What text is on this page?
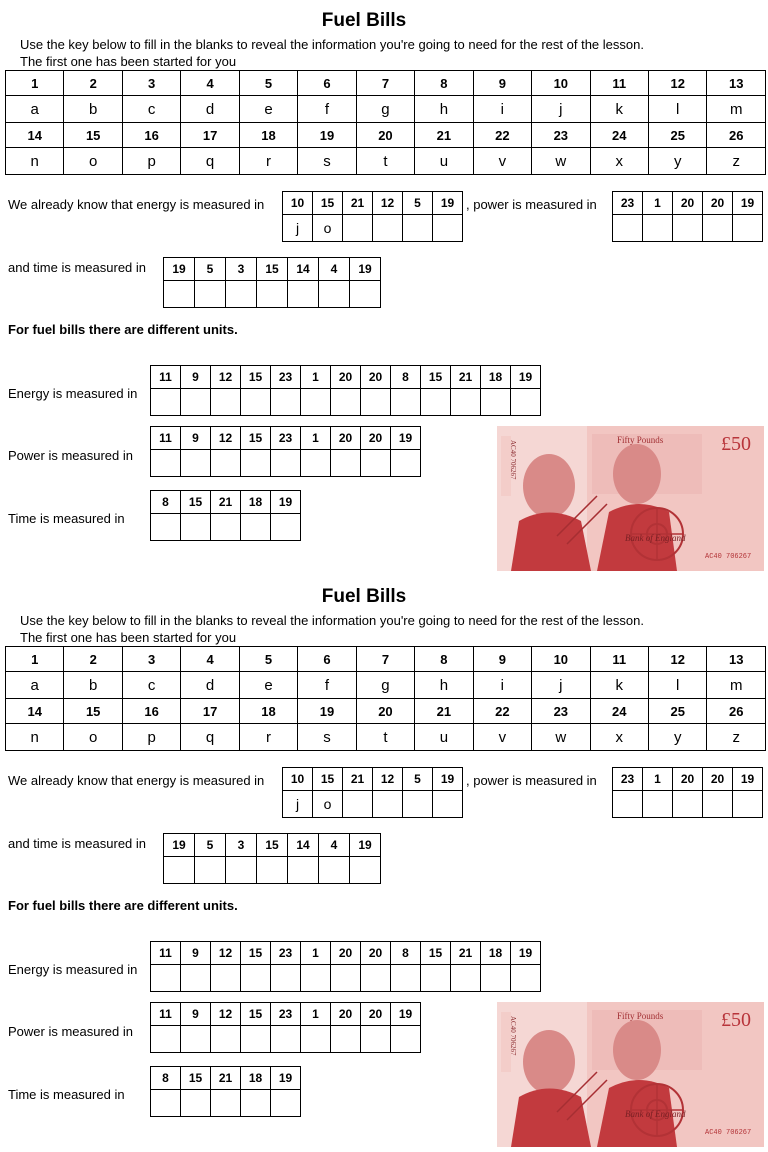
Fuel Bills
Use the key below to fill in the blanks to reveal the information you're going to need for the rest of the lesson.
The first one has been started for you
1	2	3	4	5	6	7	8	9	10	11	12	13
a	b	c	d	e	f	g	h	i	j	k	l	m
14	15	16	17	18	19	20	21	22	23	24	25	26
n	o	p	q	r	s	t	u	v	w	x	y	z
We already know that energy is measured in 10	15	21	12	5	19
j	o				
, power is measured in 23	1	20	20	19

and time is measured in 19	5	3	15	14	4	19

For fuel bills there are different units.
Energy is measured in
11	9	12	15	23	1	20	20	8	15	21	18	19

Power is measured in
11	9	12	15	23	1	20	20	19

Time is measured in
8	15	21	18	19

AC40 706267	Fifty Pounds	£50
Bank of England
AC40 706267
Fuel Bills
Use the key below to fill in the blanks to reveal the information you're going to need for the rest of the lesson.
The first one has been started for you
1	2	3	4	5	6	7	8	9	10	11	12	13
a	b	c	d	e	f	g	h	i	j	k	l	m
14	15	16	17	18	19	20	21	22	23	24	25	26
n	o	p	q	r	s	t	u	v	w	x	y	z
We already know that energy is measured in 10	15	21	12	5	19
j	o				
, power is measured in 23	1	20	20	19

and time is measured in 19	5	3	15	14	4	19

For fuel bills there are different units.
Energy is measured in
11	9	12	15	23	1	20	20	8	15	21	18	19

Power is measured in
11	9	12	15	23	1	20	20	19

Time is measured in
8	15	21	18	19

AC40 706267	Fifty Pounds	£50
Bank of England
AC40 706267
